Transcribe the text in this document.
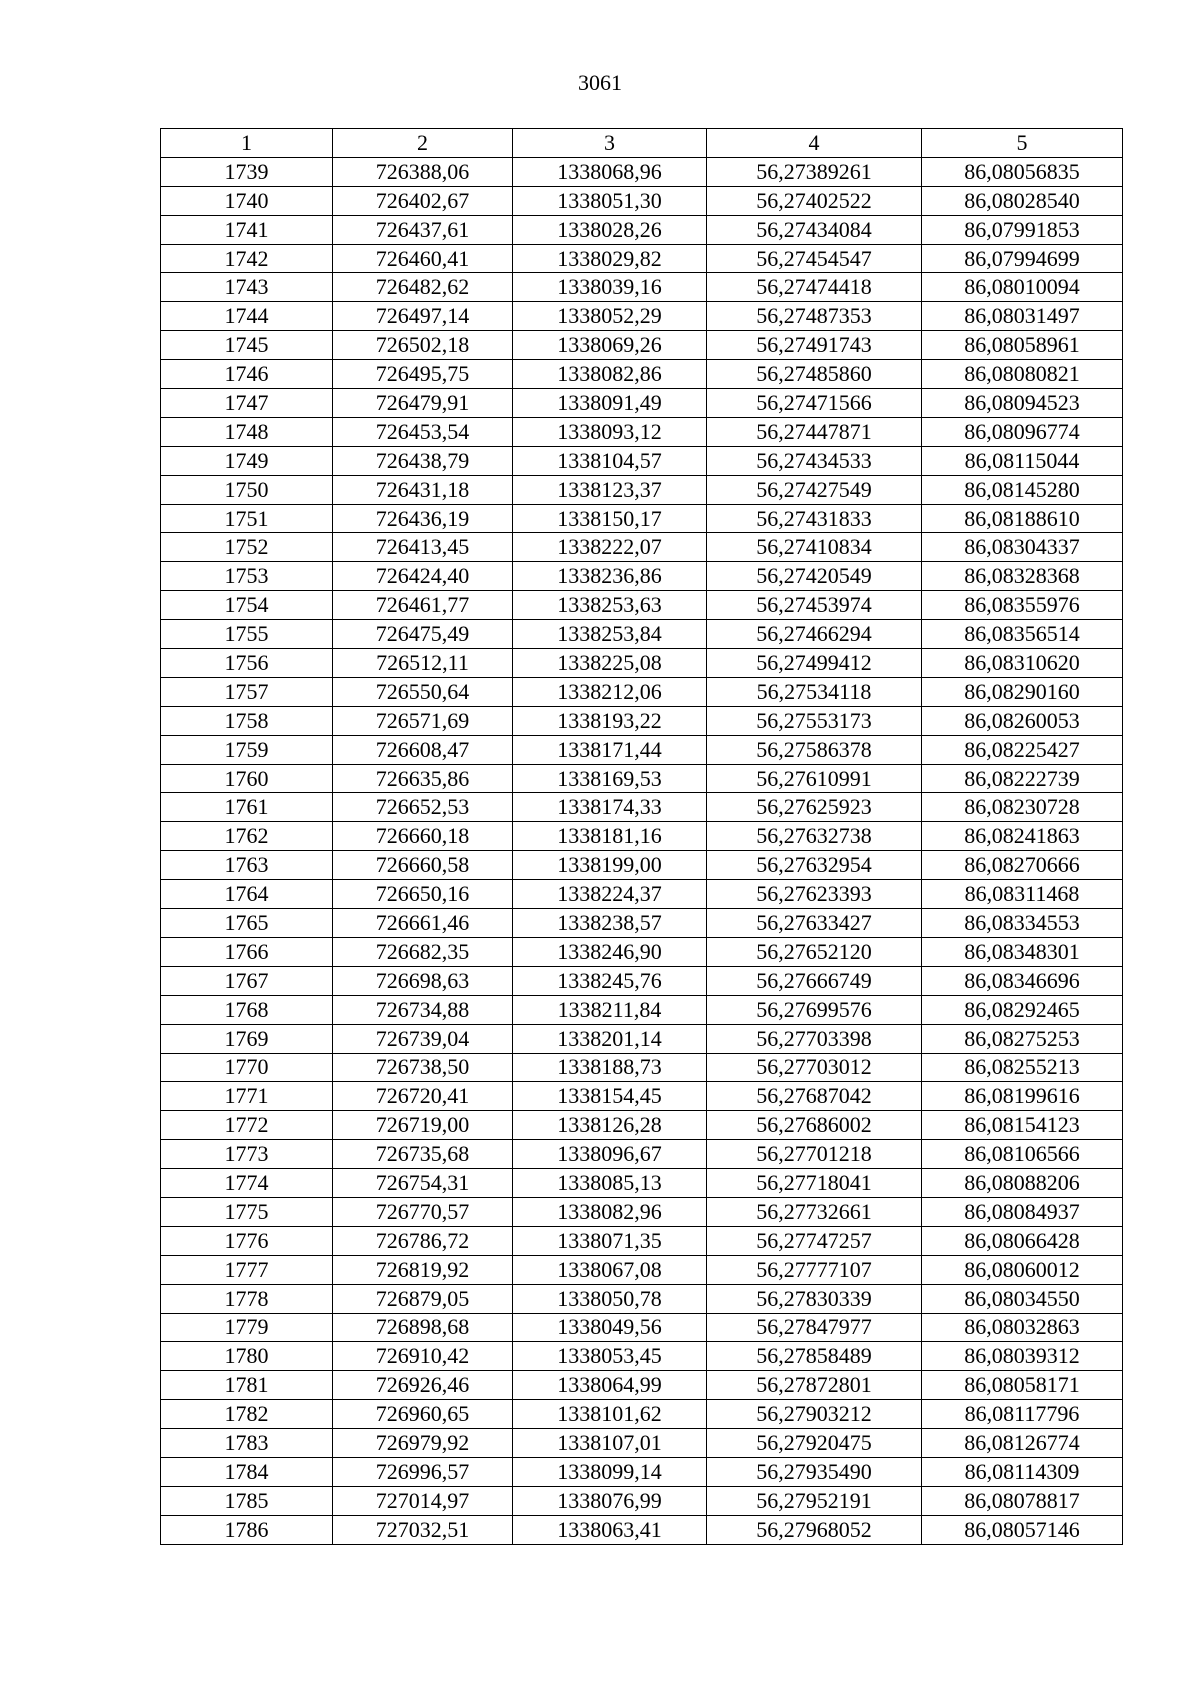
3061
1	2	3	4	5
1739	726388,06	1338068,96	56,27389261	86,08056835
1740	726402,67	1338051,30	56,27402522	86,08028540
1741	726437,61	1338028,26	56,27434084	86,07991853
1742	726460,41	1338029,82	56,27454547	86,07994699
1743	726482,62	1338039,16	56,27474418	86,08010094
1744	726497,14	1338052,29	56,27487353	86,08031497
1745	726502,18	1338069,26	56,27491743	86,08058961
1746	726495,75	1338082,86	56,27485860	86,08080821
1747	726479,91	1338091,49	56,27471566	86,08094523
1748	726453,54	1338093,12	56,27447871	86,08096774
1749	726438,79	1338104,57	56,27434533	86,08115044
1750	726431,18	1338123,37	56,27427549	86,08145280
1751	726436,19	1338150,17	56,27431833	86,08188610
1752	726413,45	1338222,07	56,27410834	86,08304337
1753	726424,40	1338236,86	56,27420549	86,08328368
1754	726461,77	1338253,63	56,27453974	86,08355976
1755	726475,49	1338253,84	56,27466294	86,08356514
1756	726512,11	1338225,08	56,27499412	86,08310620
1757	726550,64	1338212,06	56,27534118	86,08290160
1758	726571,69	1338193,22	56,27553173	86,08260053
1759	726608,47	1338171,44	56,27586378	86,08225427
1760	726635,86	1338169,53	56,27610991	86,08222739
1761	726652,53	1338174,33	56,27625923	86,08230728
1762	726660,18	1338181,16	56,27632738	86,08241863
1763	726660,58	1338199,00	56,27632954	86,08270666
1764	726650,16	1338224,37	56,27623393	86,08311468
1765	726661,46	1338238,57	56,27633427	86,08334553
1766	726682,35	1338246,90	56,27652120	86,08348301
1767	726698,63	1338245,76	56,27666749	86,08346696
1768	726734,88	1338211,84	56,27699576	86,08292465
1769	726739,04	1338201,14	56,27703398	86,08275253
1770	726738,50	1338188,73	56,27703012	86,08255213
1771	726720,41	1338154,45	56,27687042	86,08199616
1772	726719,00	1338126,28	56,27686002	86,08154123
1773	726735,68	1338096,67	56,27701218	86,08106566
1774	726754,31	1338085,13	56,27718041	86,08088206
1775	726770,57	1338082,96	56,27732661	86,08084937
1776	726786,72	1338071,35	56,27747257	86,08066428
1777	726819,92	1338067,08	56,27777107	86,08060012
1778	726879,05	1338050,78	56,27830339	86,08034550
1779	726898,68	1338049,56	56,27847977	86,08032863
1780	726910,42	1338053,45	56,27858489	86,08039312
1781	726926,46	1338064,99	56,27872801	86,08058171
1782	726960,65	1338101,62	56,27903212	86,08117796
1783	726979,92	1338107,01	56,27920475	86,08126774
1784	726996,57	1338099,14	56,27935490	86,08114309
1785	727014,97	1338076,99	56,27952191	86,08078817
1786	727032,51	1338063,41	56,27968052	86,08057146
